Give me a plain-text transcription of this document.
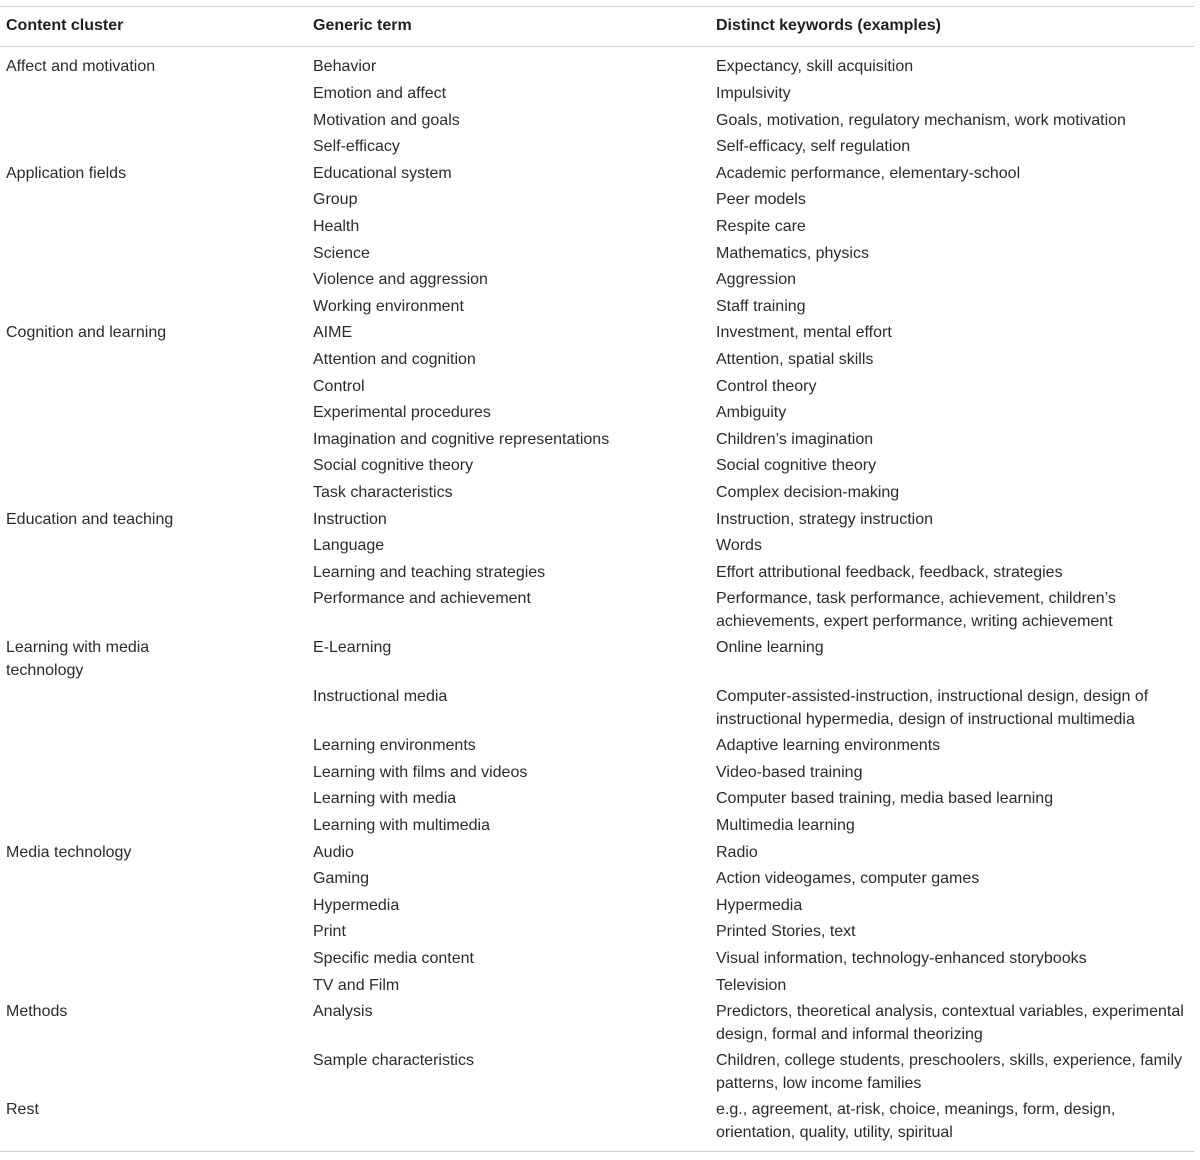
Content cluster	Generic term	Distinct keywords (examples)
Affect and motivation	Behavior	Expectancy, skill acquisition
	Emotion and affect	Impulsivity
	Motivation and goals	Goals, motivation, regulatory mechanism, work motivation
	Self-efficacy	Self-efficacy, self regulation
Application fields	Educational system	Academic performance, elementary-school
	Group	Peer models
	Health	Respite care
	Science	Mathematics, physics
	Violence and aggression	Aggression
	Working environment	Staff training
Cognition and learning	AIME	Investment, mental effort
	Attention and cognition	Attention, spatial skills
	Control	Control theory
	Experimental procedures	Ambiguity
	Imagination and cognitive representations	Children’s imagination
	Social cognitive theory	Social cognitive theory
	Task characteristics	Complex decision-making
Education and teaching	Instruction	Instruction, strategy instruction
	Language	Words
	Learning and teaching strategies	Effort attributional feedback, feedback, strategies
	Performance and achievement	Performance, task performance, achievement, children’s achievements, expert performance, writing achievement
Learning with media technology	E-Learning	Online learning
	Instructional media	Computer-assisted-instruction, instructional design, design of instructional hypermedia, design of instructional multimedia
	Learning environments	Adaptive learning environments
	Learning with films and videos	Video-based training
	Learning with media	Computer based training, media based learning
	Learning with multimedia	Multimedia learning
Media technology	Audio	Radio
	Gaming	Action videogames, computer games
	Hypermedia	Hypermedia
	Print	Printed Stories, text
	Specific media content	Visual information, technology-enhanced storybooks
	TV and Film	Television
Methods	Analysis	Predictors, theoretical analysis, contextual variables, experimental design, formal and informal theorizing
	Sample characteristics	Children, college students, preschoolers, skills, experience, family patterns, low income families
Rest		e.g., agreement, at-risk, choice, meanings, form, design, orientation, quality, utility, spiritual
